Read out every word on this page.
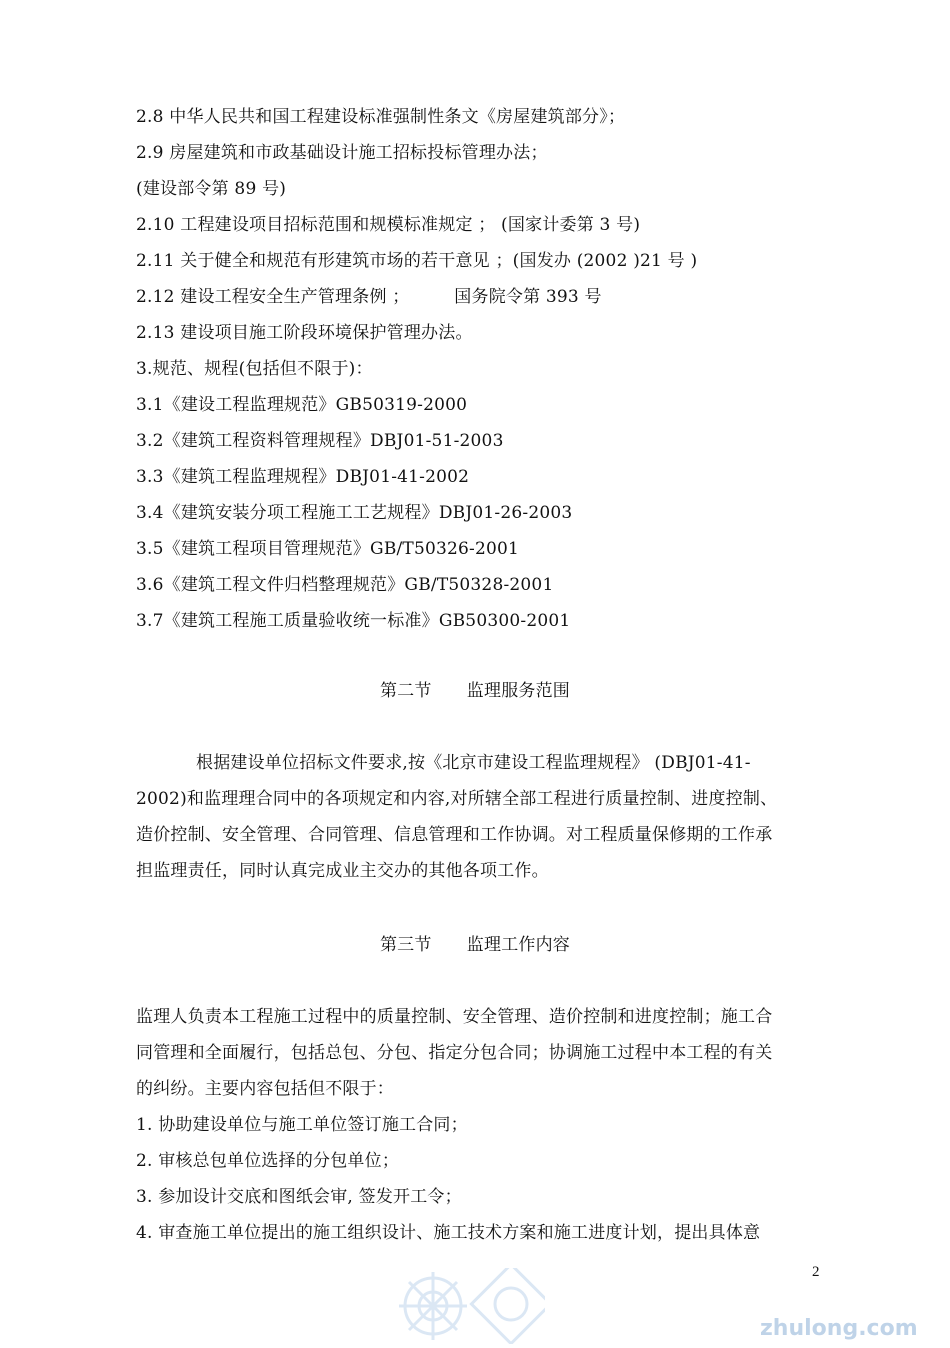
2.8 中华人民共和国工程建设标准强制性条文《房屋建筑部分》；
2.9 房屋建筑和市政基础设计施工招标投标管理办法；
(建设部令第 89 号)
2.10 工程建设项目招标范围和规模标准规定 ； (国家计委第 3 号)
2.11 关于健全和规范有形建筑市场的若干意见 ；(国发办 (2002 )21 号 )
2.12 建设工程安全生产管理条例 ；        国务院令第 393 号
2.13 建设项目施工阶段环境保护管理办法。
3.规范、规程(包括但不限于)：
3.1《建设工程监理规范》GB50319-2000
3.2《建筑工程资料管理规程》DBJ01-51-2003
3.3《建筑工程监理规程》DBJ01-41-2002
3.4《建筑安装分项工程施工工艺规程》DBJ01-26-2003
3.5《建筑工程项目管理规范》GB/T50326-2001
3.6《建筑工程文件归档整理规范》GB/T50328-2001
3.7《建筑工程施工质量验收统一标准》GB50300-2001
第二节  监理服务范围
根据建设单位招标文件要求,按《北京市建设工程监理规程》 (DBJ01-41-
2002)和监理理合同中的各项规定和内容,对所辖全部工程进行质量控制、进度控制、
造价控制、安全管理、合同管理、信息管理和工作协调。对工程质量保修期的工作承
担监理责任，同时认真完成业主交办的其他各项工作。
第三节  监理工作内容
监理人负责本工程施工过程中的质量控制、安全管理、造价控制和进度控制；施工合
同管理和全面履行，包括总包、分包、指定分包合同；协调施工过程中本工程的有关
的纠纷。主要内容包括但不限于：
1. 协助建设单位与施工单位签订施工合同；
2. 审核总包单位选择的分包单位；
3. 参加设计交底和图纸会审, 签发开工令；
4. 审查施工单位提出的施工组织设计、施工技术方案和施工进度计划，提出具体意
2
zhulong.com
